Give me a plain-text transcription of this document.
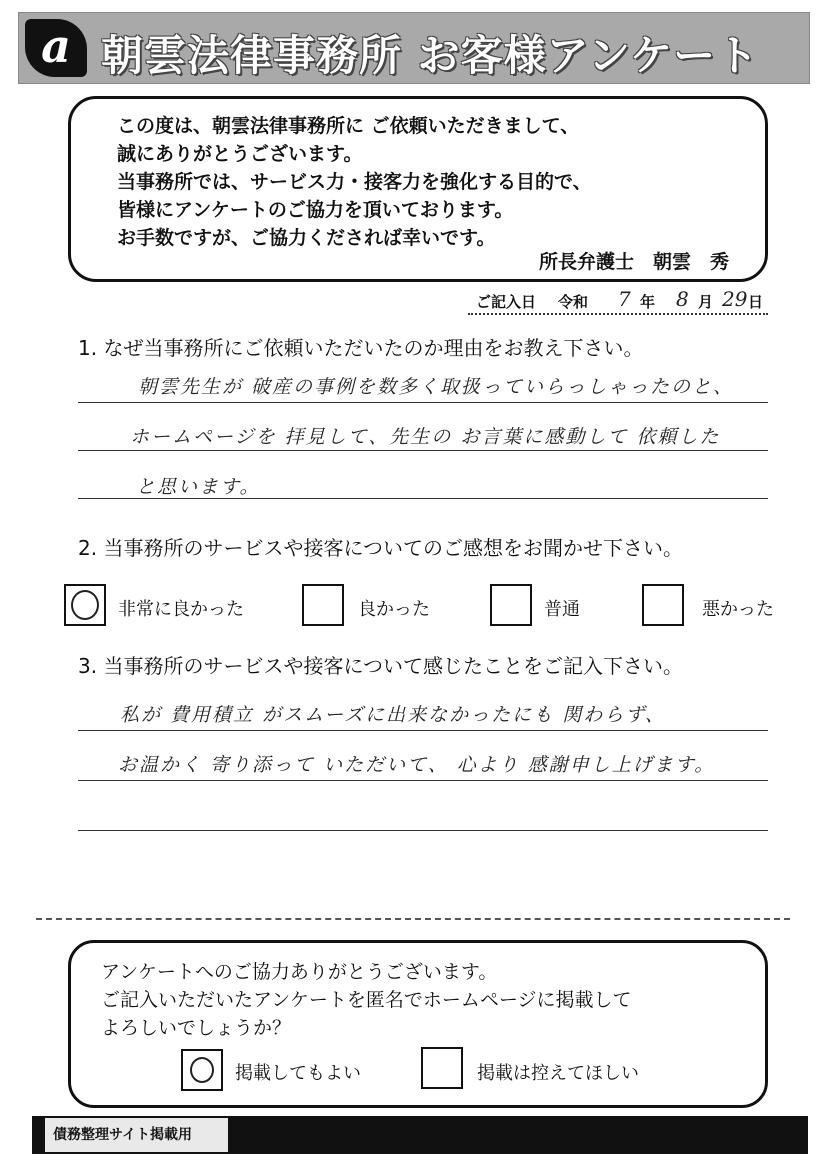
a 朝雲法律事務所 お客様アンケート
この度は、朝雲法律事務所に ご依頼いただきまして、
誠にありがとうございます。
当事務所では、サービス力・接客力を強化する目的で、
皆様にアンケートのご協力を頂いております。
お手数ですが、ご協力くだされば幸いです。
所長弁護士　朝雲　秀
ご記入日 令和 7 年 8 月 29 日
1. なぜ当事務所にご依頼いただいたのか理由をお教え下さい。
朝雲先生が 破産の事例を数多く取扱っていらっしゃったのと、
ホームページを 拝見して、先生の お言葉に感動して 依頼した
と思います。
2. 当事務所のサービスや接客についてのご感想をお聞かせ下さい。
非常に良かった	良かった	普通	悪かった
3. 当事務所のサービスや接客について感じたことをご記入下さい。
私が 費用積立 がスムーズに出来なかったにも 関わらず、
お温かく 寄り添って いただいて、 心より 感謝申し上げます。
アンケートへのご協力ありがとうございます。
ご記入いただいたアンケートを匿名でホームページに掲載して
よろしいでしょうか？
掲載してもよい	掲載は控えてほしい
債務整理サイト掲載用
